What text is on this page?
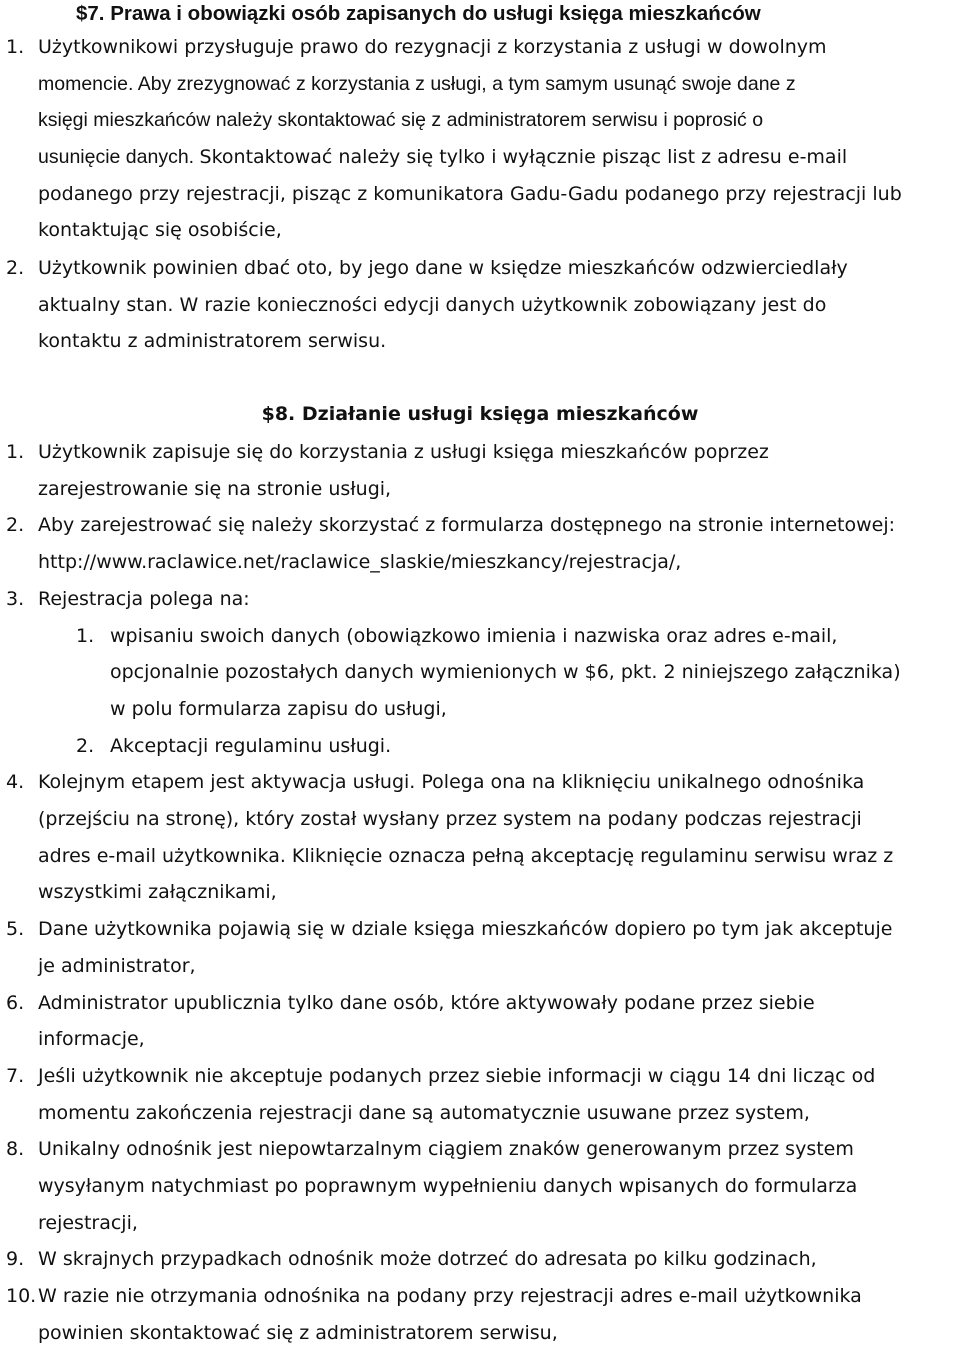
$7. Prawa i obowiązki osób zapisanych do usługi księga mieszkańców
1. Użytkownikowi przysługuje prawo do rezygnacji z korzystania z usługi w dowolnym
momencie. Aby zrezygnować z korzystania z usługi, a tym samym usunąć swoje dane z
księgi mieszkańców należy skontaktować się z administratorem serwisu i poprosić o
usunięcie danych. Skontaktować należy się tylko i wyłącznie pisząc list z adresu e-mail
podanego przy rejestracji, pisząc z komunikatora Gadu-Gadu podanego przy rejestracji lub
kontaktując się osobiście,
2. Użytkownik powinien dbać oto, by jego dane w księdze mieszkańców odzwierciedlały
aktualny stan. W razie konieczności edycji danych użytkownik zobowiązany jest do
kontaktu z administratorem serwisu.
$8. Działanie usługi księga mieszkańców
1. Użytkownik zapisuje się do korzystania z usługi księga mieszkańców poprzez
zarejestrowanie się na stronie usługi,
2. Aby zarejestrować się należy skorzystać z formularza dostępnego na stronie internetowej:
http://www.raclawice.net/raclawice_slaskie/mieszkancy/rejestracja/,
3. Rejestracja polega na:
1. wpisaniu swoich danych (obowiązkowo imienia i nazwiska oraz adres e-mail,
opcjonalnie pozostałych danych wymienionych w $6, pkt. 2 niniejszego załącznika)
w polu formularza zapisu do usługi,
2. Akceptacji regulaminu usługi.
4. Kolejnym etapem jest aktywacja usługi. Polega ona na kliknięciu unikalnego odnośnika
(przejściu na stronę), który został wysłany przez system na podany podczas rejestracji
adres e-mail użytkownika. Kliknięcie oznacza pełną akceptację regulaminu serwisu wraz z
wszystkimi załącznikami,
5. Dane użytkownika pojawią się w dziale księga mieszkańców dopiero po tym jak akceptuje
je administrator,
6. Administrator upublicznia tylko dane osób, które aktywowały podane przez siebie
informacje,
7. Jeśli użytkownik nie akceptuje podanych przez siebie informacji w ciągu 14 dni licząc od
momentu zakończenia rejestracji dane są automatycznie usuwane przez system,
8. Unikalny odnośnik jest niepowtarzalnym ciągiem znaków generowanym przez system
wysyłanym natychmiast po poprawnym wypełnieniu danych wpisanych do formularza
rejestracji,
9. W skrajnych przypadkach odnośnik może dotrzeć do adresata po kilku godzinach,
10. W razie nie otrzymania odnośnika na podany przy rejestracji adres e-mail użytkownika
powinien skontaktować się z administratorem serwisu,
